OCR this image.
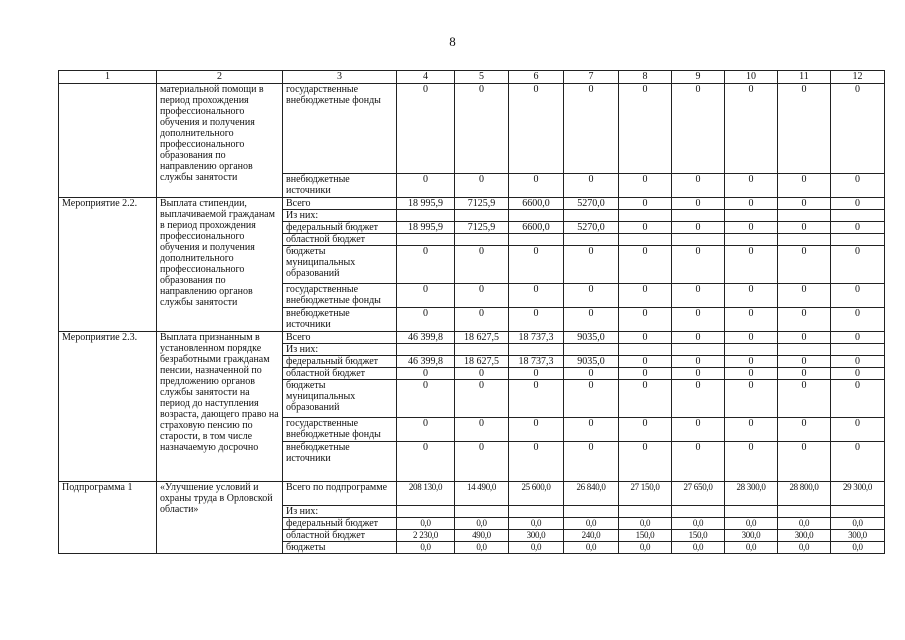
8
1	2	3	4	5	6	7	8	9	10	11	12
	материальной помощи в период прохождения профессионального обучения и получения дополнительного профессионального образования по направлению органов службы занятости	государственные внебюджетные фонды	0	0	0	0	0	0	0	0	0
		внебюджетные источники	0	0	0	0	0	0	0	0	0
Мероприятие 2.2.	Выплата стипендии, выплачиваемой гражданам в период прохождения профессионального обучения и получения дополнительного профессионального образования по направлению органов службы занятости	Всего	18 995,9	7125,9	6600,0	5270,0	0	0	0	0	0
		Из них:									
		федеральный бюджет	18 995,9	7125,9	6600,0	5270,0	0	0	0	0	0
		областной бюджет									
		бюджеты муниципальных образований	0	0	0	0	0	0	0	0	0
		государственные внебюджетные фонды	0	0	0	0	0	0	0	0	0
		внебюджетные источники	0	0	0	0	0	0	0	0	0
Мероприятие 2.3.	Выплата признанным в установленном порядке безработными гражданам пенсии, назначенной по предложению органов службы занятости на период до наступления возраста, дающего право на страховую пенсию по старости, в том числе назначаемую досрочно	Всего	46 399,8	18 627,5	18 737,3	9035,0	0	0	0	0	0
		Из них:									
		федеральный бюджет	46 399,8	18 627,5	18 737,3	9035,0	0	0	0	0	0
		областной бюджет	0	0	0	0	0	0	0	0	0
		бюджеты муниципальных образований	0	0	0	0	0	0	0	0	0
		государственные внебюджетные фонды	0	0	0	0	0	0	0	0	0
		внебюджетные источники	0	0	0	0	0	0	0	0	0
Подпрограмма 1	«Улучшение условий и охраны труда в Орловской области»	Всего по подпрограмме	208 130,0	14 490,0	25 600,0	26 840,0	27 150,0	27 650,0	28 300,0	28 800,0	29 300,0
		Из них:									
		федеральный бюджет	0,0	0,0	0,0	0,0	0,0	0,0	0,0	0,0	0,0
		областной бюджет	2 230,0	490,0	300,0	240,0	150,0	150,0	300,0	300,0	300,0
		бюджеты	0,0	0,0	0,0	0,0	0,0	0,0	0,0	0,0	0,0
